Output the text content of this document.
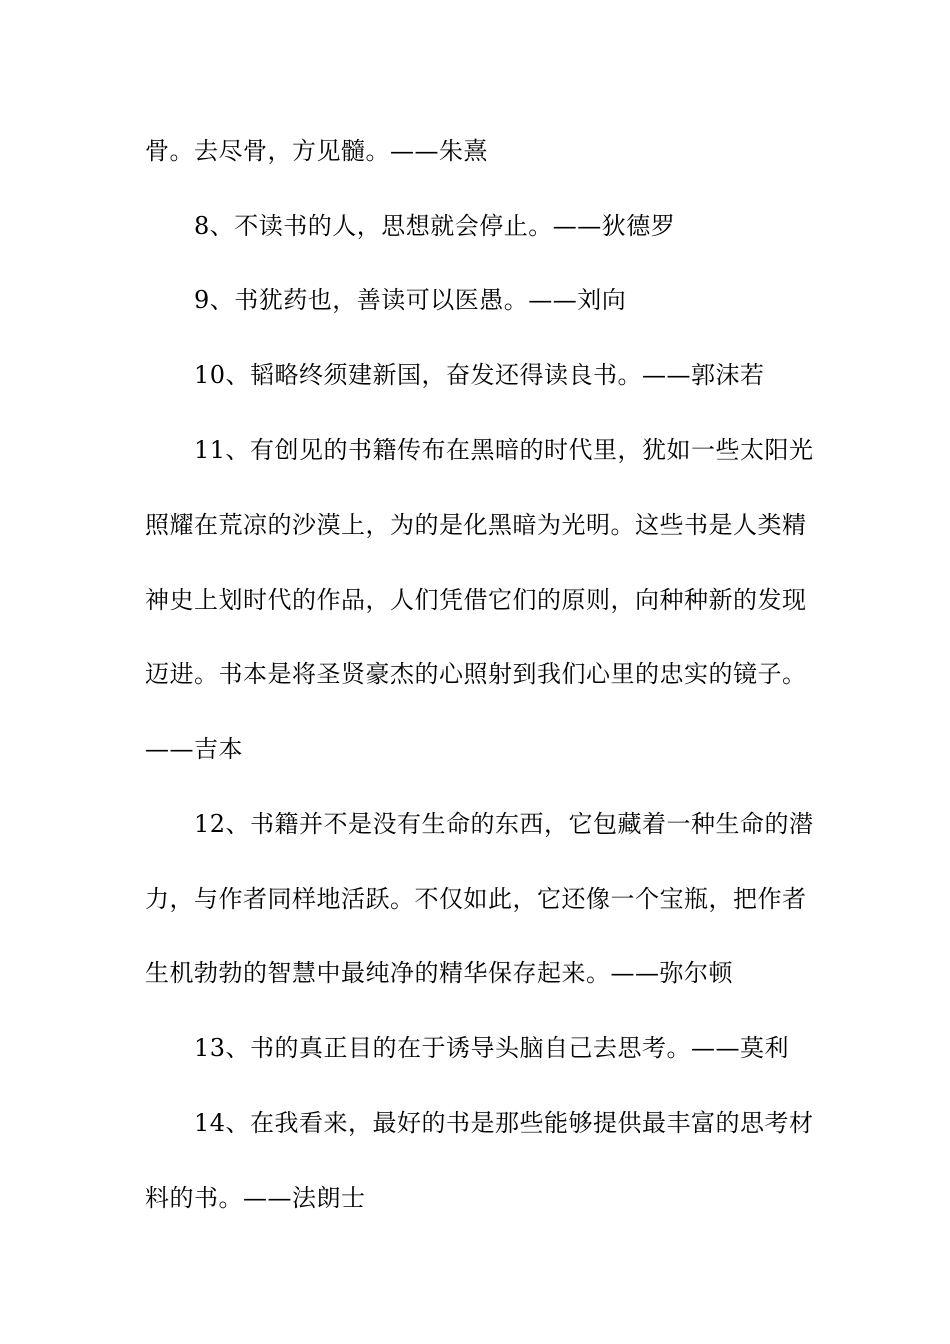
骨。去尽骨，方见髓。——朱熹
8、不读书的人，思想就会停止。——狄德罗
9、书犹药也，善读可以医愚。——刘向
10、韬略终须建新国，奋发还得读良书。——郭沫若
11、有创见的书籍传布在黑暗的时代里，犹如一些太阳光
照耀在荒凉的沙漠上，为的是化黑暗为光明。这些书是人类精
神史上划时代的作品，人们凭借它们的原则，向种种新的发现
迈进。书本是将圣贤豪杰的心照射到我们心里的忠实的镜子。
——吉本
12、书籍并不是没有生命的东西，它包藏着一种生命的潜
力，与作者同样地活跃。不仅如此，它还像一个宝瓶，把作者
生机勃勃的智慧中最纯净的精华保存起来。——弥尔顿
13、书的真正目的在于诱导头脑自己去思考。——莫利
14、在我看来，最好的书是那些能够提供最丰富的思考材
料的书。——法朗士
